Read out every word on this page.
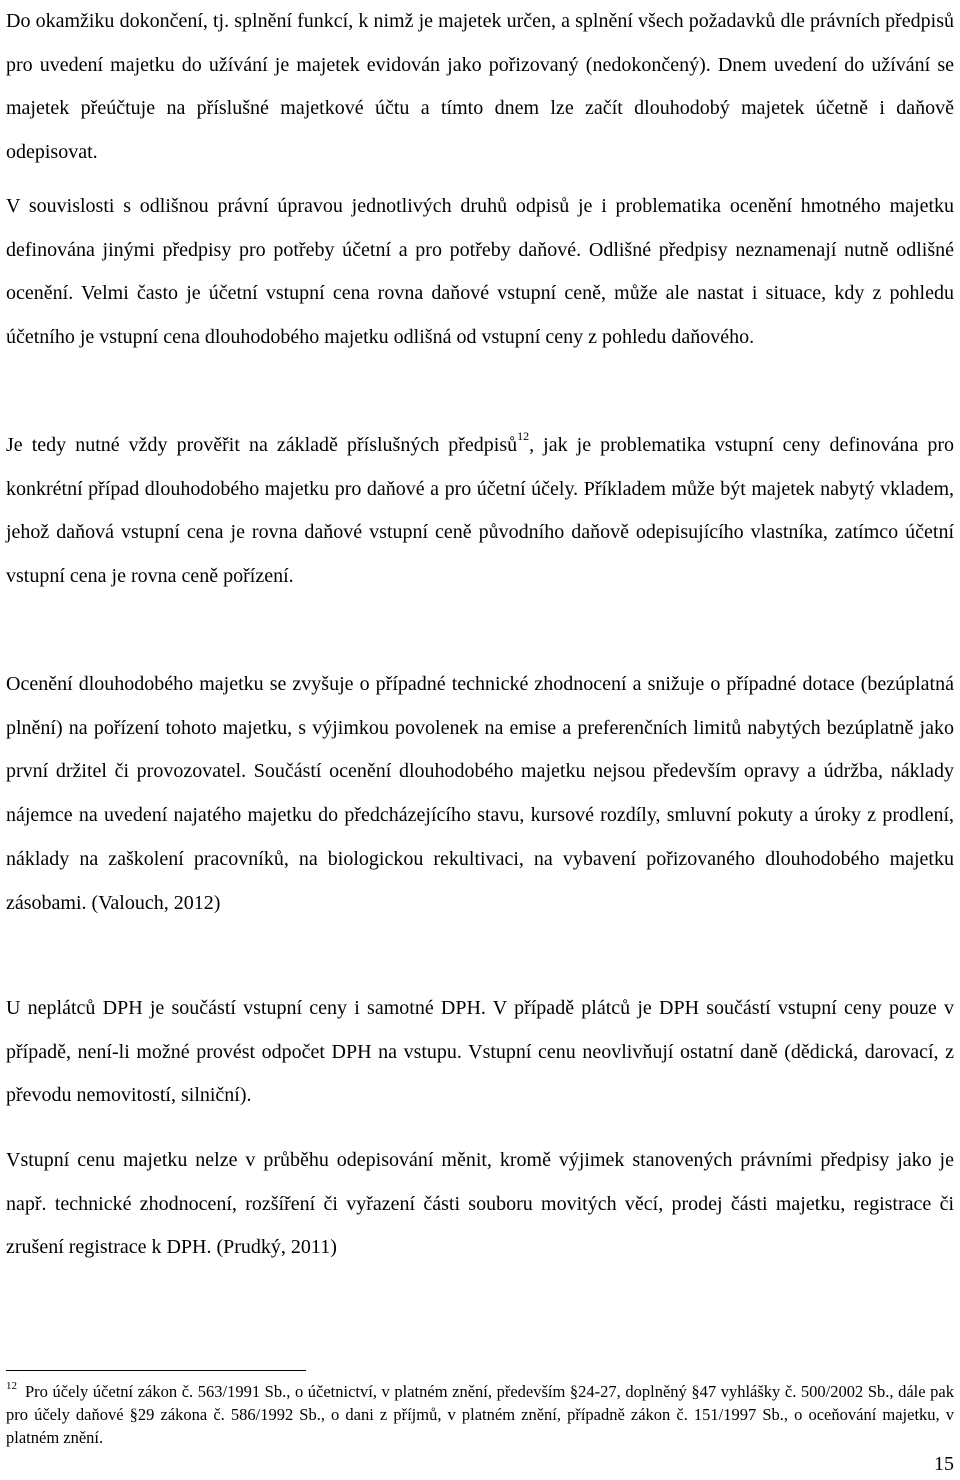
Do okamžiku dokončení, tj. splnění funkcí, k nimž je majetek určen, a splnění všech požadavků dle právních předpisů pro uvedení majetku do užívání je majetek evidován jako pořizovaný (nedokončený). Dnem uvedení do užívání se majetek přeúčtuje na příslušné majetkové účtu a tímto dnem lze začít dlouhodobý majetek účetně i daňově odepisovat.

V souvislosti s odlišnou právní úpravou jednotlivých druhů odpisů je i problematika ocenění hmotného majetku definována jinými předpisy pro potřeby účetní a pro potřeby daňové. Odlišné předpisy neznamenají nutně odlišné ocenění. Velmi často je účetní vstupní cena rovna daňové vstupní ceně, může ale nastat i situace, kdy z pohledu účetního je vstupní cena dlouhodobého majetku odlišná od vstupní ceny z pohledu daňového.

Je tedy nutné vždy prověřit na základě příslušných předpisů$^{12}$, jak je problematika vstupní ceny definována pro konkrétní případ dlouhodobého majetku pro daňové a pro účetní účely. Příkladem může být majetek nabytý vkladem, jehož daňová vstupní cena je rovna daňové vstupní ceně původního daňově odepisujícího vlastníka, zatímco účetní vstupní cena je rovna ceně pořízení.

Ocenění dlouhodobého majetku se zvyšuje o případné technické zhodnocení a snižuje o případné dotace (bezúplatná plnění) na pořízení tohoto majetku, s výjimkou povolenek na emise a preferenčních limitů nabytých bezúplatně jako první držitel či provozovatel. Součástí ocenění dlouhodobého majetku nejsou především opravy a údržba, náklady nájemce na uvedení najatého majetku do předcházejícího stavu, kursové rozdíly, smluvní pokuty a úroky z prodlení, náklady na zaškolení pracovníků, na biologickou rekultivaci, na vybavení pořizovaného dlouhodobého majetku zásobami. (Valouch, 2012)

U neplátců DPH je součástí vstupní ceny i samotné DPH. V případě plátců je DPH součástí vstupní ceny pouze v případě, není-li možné provést odpočet DPH na vstupu. Vstupní cenu neovlivňují ostatní daně (dědická, darovací, z převodu nemovitostí, silniční).

Vstupní cenu majetku nelze v průběhu odepisování měnit, kromě výjimek stanovených právními předpisy jako je např. technické zhodnocení, rozšíření či vyřazení části souboru movitých věcí, prodej části majetku, registrace či zrušení registrace k DPH. (Prudký, 2011)

$^{12}$ Pro účely účetní zákon č. 563/1991 Sb., o účetnictví, v platném znění, především §24-27, doplněný §47 vyhlášky č. 500/2002 Sb., dále pak pro účely daňové §29 zákona č. 586/1992 Sb., o dani z příjmů, v platném znění, případně zákon č. 151/1997 Sb., o oceňování majetku, v platném znění.

15
